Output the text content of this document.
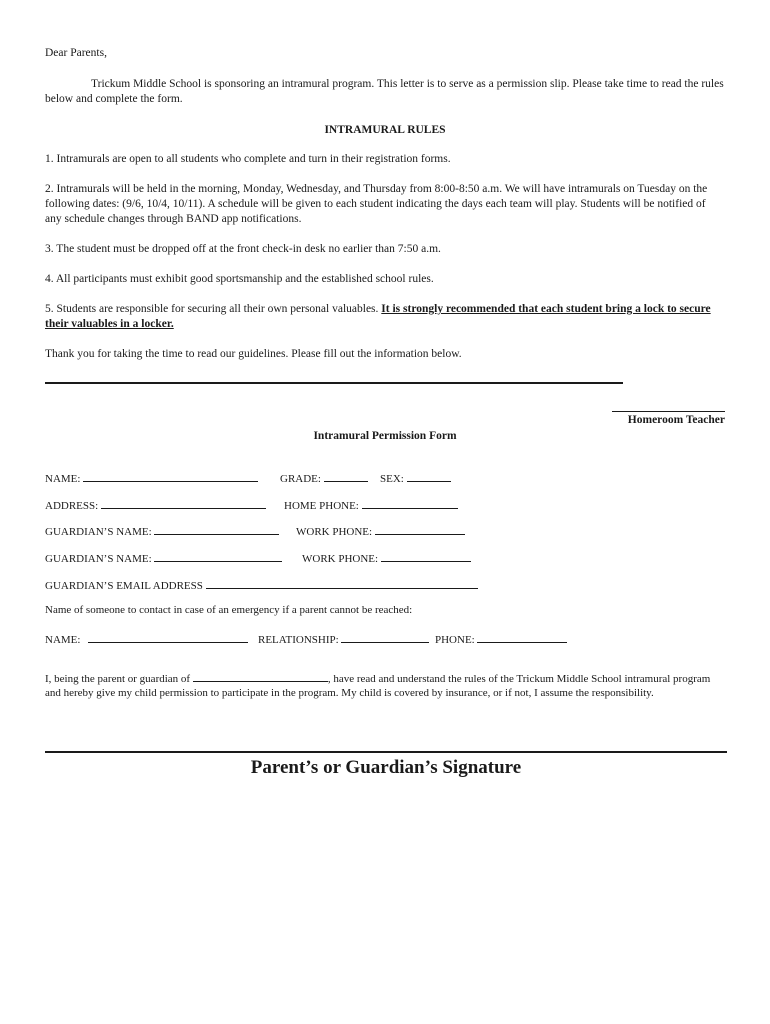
Dear Parents,
Trickum Middle School is sponsoring an intramural program. This letter is to serve as a permission slip. Please take time to read the rules below and complete the form.
INTRAMURAL RULES
1. Intramurals are open to all students who complete and turn in their registration forms.
2. Intramurals will be held in the morning, Monday, Wednesday, and Thursday from 8:00-8:50 a.m. We will have intramurals on Tuesday on the following dates: (9/6, 10/4, 10/11). A schedule will be given to each student indicating the days each team will play. Students will be notified of any schedule changes through BAND app notifications.
3. The student must be dropped off at the front check-in desk no earlier than 7:50 a.m.
4. All participants must exhibit good sportsmanship and the established school rules.
5. Students are responsible for securing all their own personal valuables. It is strongly recommended that each student bring a lock to secure their valuables in a locker.
Thank you for taking the time to read our guidelines. Please fill out the information below.
Homeroom Teacher
Intramural Permission Form
NAME:	GRADE:	SEX:
ADDRESS:	HOME PHONE:
GUARDIAN’S NAME:	WORK PHONE:
GUARDIAN’S NAME:	WORK PHONE:
GUARDIAN’S EMAIL ADDRESS
Name of someone to contact in case of an emergency if a parent cannot be reached:
NAME:	RELATIONSHIP:	PHONE:
I, being the parent or guardian of	, have read and understand the rules of the Trickum Middle School intramural program and hereby give my child permission to participate in the program. My child is covered by insurance, or if not, I assume the responsibility.
Parent’s or Guardian’s Signature
